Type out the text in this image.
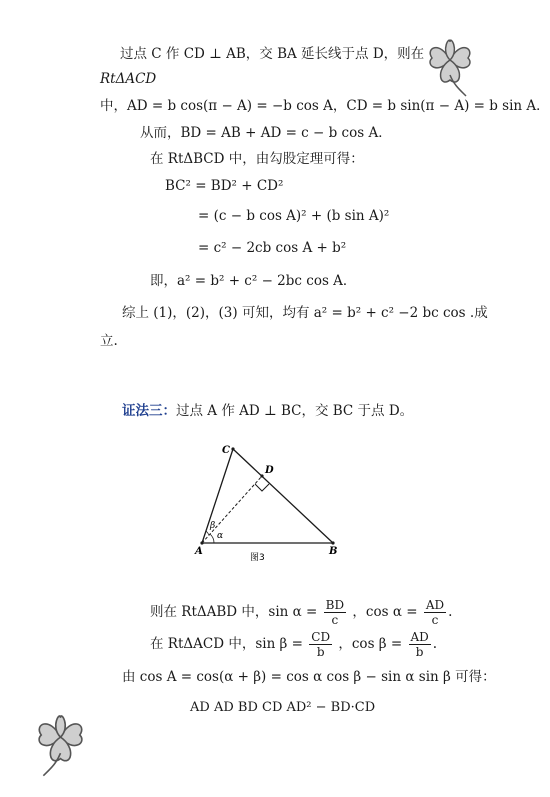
过点 C 作 CD ⊥ AB，交 BA 延长线于点 D，则在
RtΔACD
中，AD = b cos(π − A) = −b cos A，CD = b sin(π − A) = b sin A．
从而，BD = AB + AD = c − b cos A．
在 RtΔBCD 中，由勾股定理可得：
BC² = BD² + CD²
= (c − b cos A)² + (b sin A)²
= c² − 2cb cos A + b²
即，a² = b² + c² − 2bc cos A．
综上 (1)，(2)，(3) 可知，均有 a² = b² + c² −2 bc cos .成
立.
证法三：过点 A 作 AD ⊥ BC，交 BC 于点 D。
C
D
A	B
β
α
图3
则在 RtΔABD 中，$\sin \alpha = \frac{BD}{c}$ ，$\cos \alpha = \frac{AD}{c}$ .
在 RtΔACD 中，$\sin \beta = \frac{CD}{b}$ ，$\cos \beta = \frac{AD}{b}$ .
由 cos A = cos(α + β) = cos α cos β − sin α sin β 可得：
AD AD BD CD AD² − BD·CD
